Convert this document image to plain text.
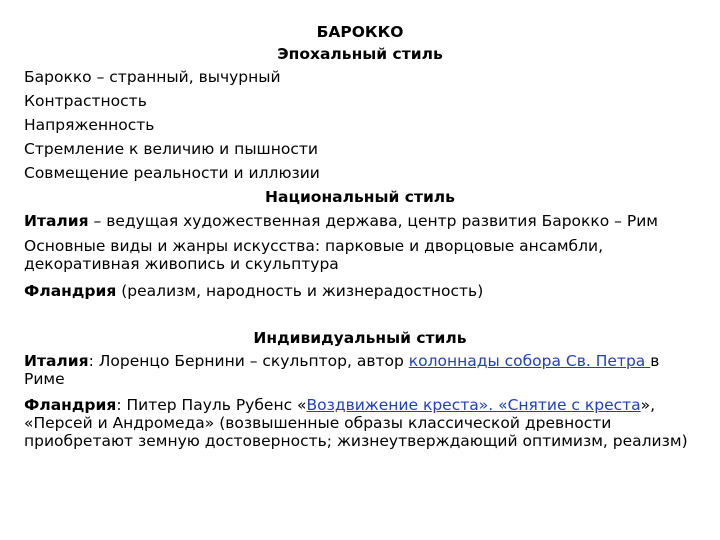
БАРОККО
Эпохальный стиль
Барокко – странный, вычурный
Контрастность
Напряженность
Стремление к величию и пышности
Совмещение реальности и иллюзии
Национальный стиль
Италия – ведущая художественная держава, центр развития Барокко – Рим
Основные виды и жанры искусства: парковые и дворцовые ансамбли, декоративная живопись и скульптура
Фландрия (реализм, народность и жизнерадостность)
Индивидуальный стиль
Италия: Лоренцо Бернини – скульптор, автор колоннады собора Св. Петра в Риме
Фландрия: Питер Пауль Рубенс «Воздвижение креста». «Снятие с креста», «Персей и Андромеда» (возвышенные образы классической древности приобретают земную достоверность; жизнеутверждающий оптимизм, реализм)
